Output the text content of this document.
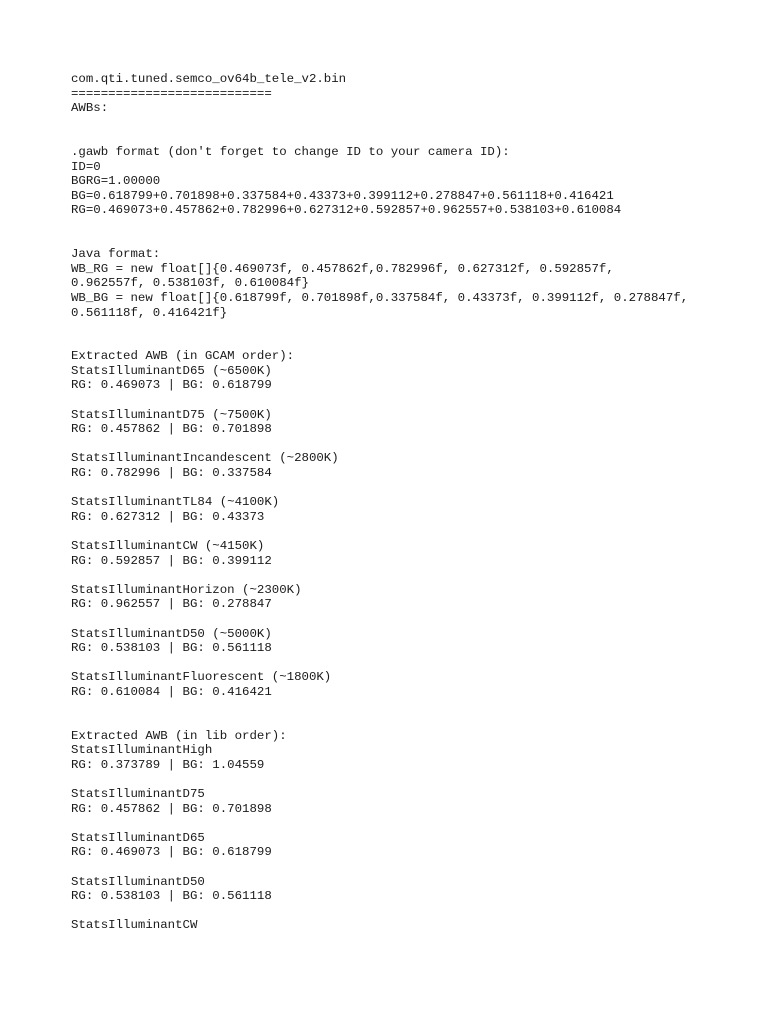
com.qti.tuned.semco_ov64b_tele_v2.bin
===========================
AWBs:
.gawb format (don't forget to change ID to your camera ID):
ID=0
BGRG=1.00000
BG=0.618799+0.701898+0.337584+0.43373+0.399112+0.278847+0.561118+0.416421
RG=0.469073+0.457862+0.782996+0.627312+0.592857+0.962557+0.538103+0.610084
Java format:
WB_RG = new float[]{0.469073f, 0.457862f,0.782996f, 0.627312f, 0.592857f,
0.962557f, 0.538103f, 0.610084f}
WB_BG = new float[]{0.618799f, 0.701898f,0.337584f, 0.43373f, 0.399112f, 0.278847f,
0.561118f, 0.416421f}
Extracted AWB (in GCAM order):
StatsIlluminantD65 (~6500K)
RG: 0.469073 | BG: 0.618799
StatsIlluminantD75 (~7500K)
RG: 0.457862 | BG: 0.701898
StatsIlluminantIncandescent (~2800K)
RG: 0.782996 | BG: 0.337584
StatsIlluminantTL84 (~4100K)
RG: 0.627312 | BG: 0.43373
StatsIlluminantCW (~4150K)
RG: 0.592857 | BG: 0.399112
StatsIlluminantHorizon (~2300K)
RG: 0.962557 | BG: 0.278847
StatsIlluminantD50 (~5000K)
RG: 0.538103 | BG: 0.561118
StatsIlluminantFluorescent (~1800K)
RG: 0.610084 | BG: 0.416421
Extracted AWB (in lib order):
StatsIlluminantHigh
RG: 0.373789 | BG: 1.04559
StatsIlluminantD75
RG: 0.457862 | BG: 0.701898
StatsIlluminantD65
RG: 0.469073 | BG: 0.618799
StatsIlluminantD50
RG: 0.538103 | BG: 0.561118
StatsIlluminantCW
